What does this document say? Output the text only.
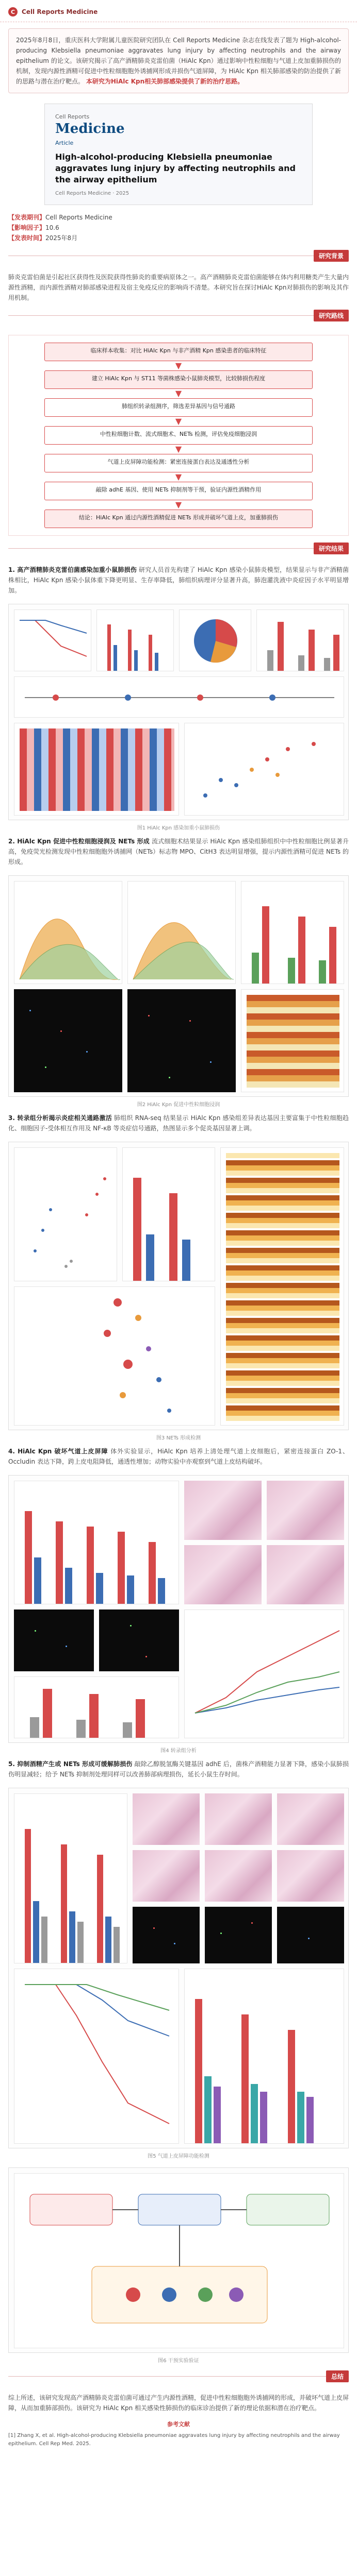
C	Cell Reports Medicine

2025年8月8日，重庆医科大学附属儿童医院研究团队在 Cell Reports Medicine 杂志在线发表了题为 High-alcohol-producing Klebsiella pneumoniae aggravates lung injury by affecting neutrophils and the airway epithelium 的论文。该研究揭示了高产酒精肺炎克雷伯菌（HiAlc Kpn）通过影响中性粒细胞与气道上皮加重肺损伤的机制，发现内源性酒精可促进中性粒细胞胞外诱捕网形成并损伤气道屏障，为 HiAlc Kpn 相关肺部感染的防治提供了新的思路与潜在治疗靶点。 本研究为HiAlc Kpn相关肺部感染提供了新的治疗思路。

Cell Reports
Medicine
Article
High-alcohol-producing Klebsiella pneumoniae aggravates lung injury by affecting neutrophils and the airway epithelium
Cell Reports Medicine · 2025
【发表期刊】Cell Reports Medicine
【影响因子】10.6
【发表时间】2025年8月
研究背景
肺炎克雷伯菌是引起社区获得性及医院获得性肺炎的重要病原体之一。高产酒精肺炎克雷伯菌能够在体内利用糖类产生大量内源性酒精，而内源性酒精对肺部感染进程及宿主免疫反应的影响尚不清楚。本研究旨在探讨HiAlc Kpn对肺损伤的影响及其作用机制。
研究路线
临床样本收集：对比 HiAlc Kpn 与非产酒精 Kpn 感染患者的临床特征
▼
建立 HiAlc Kpn 与 ST11 等菌株感染小鼠肺炎模型，比较肺损伤程度
▼
肺组织转录组测序，筛选差异基因与信号通路
▼
中性粒细胞计数、流式细胞术、NETs 检测，评估免疫细胞浸润
▼
气道上皮屏障功能检测：紧密连接蛋白表达及通透性分析
▼
敲除 adhE 基因、使用 NETs 抑制剂等干预，验证内源性酒精作用
▼
结论：HiAlc Kpn 通过内源性酒精促进 NETs 形成并破坏气道上皮，加重肺损伤
研究结果
1. 高产酒精肺炎克雷伯菌感染加重小鼠肺损伤 研究人员首先构建了 HiAlc Kpn 感染小鼠肺炎模型，结果显示与非产酒精菌株相比，HiAlc Kpn 感染小鼠体重下降更明显、生存率降低，肺组织病理评分显著升高，肺泡灌洗液中炎症因子水平明显增加。
图1 HiAlc Kpn 感染加重小鼠肺损伤
2. HiAlc Kpn 促进中性粒细胞浸润及 NETs 形成 流式细胞术结果显示 HiAlc Kpn 感染组肺组织中中性粒细胞比例显著升高，免疫荧光检测发现中性粒细胞胞外诱捕网（NETs）标志物 MPO、CitH3 表达明显增强，提示内源性酒精可促进 NETs 的形成。
图2 HiAlc Kpn 促进中性粒细胞浸润
3. 转录组分析揭示炎症相关通路激活 肺组织 RNA-seq 结果显示 HiAlc Kpn 感染组差异表达基因主要富集于中性粒细胞趋化、细胞因子-受体相互作用及 NF-κB 等炎症信号通路，热图显示多个促炎基因显著上调。
图3 NETs 形成检测
4. HiAlc Kpn 破坏气道上皮屏障 体外实验显示，HiAlc Kpn 培养上清处理气道上皮细胞后，紧密连接蛋白 ZO-1、Occludin 表达下降，跨上皮电阻降低，通透性增加；动物实验中亦观察到气道上皮结构破坏。
图4 转录组分析
5. 抑制酒精产生或 NETs 形成可缓解肺损伤 敲除乙醇脱氢酶关键基因 adhE 后，菌株产酒精能力显著下降，感染小鼠肺损伤明显减轻；给予 NETs 抑制剂处理同样可以改善肺部病理损伤，延长小鼠生存时间。
图5 气道上皮屏障功能检测
图6 干预实验验证
总结
综上所述，该研究发现高产酒精肺炎克雷伯菌可通过产生内源性酒精，促进中性粒细胞胞外诱捕网的形成，并破坏气道上皮屏障，从而加重肺部损伤。该研究为 HiAlc Kpn 相关感染性肺损伤的临床诊治提供了新的理论依据和潜在治疗靶点。
参考文献
[1] Zhang X, et al. High-alcohol-producing Klebsiella pneumoniae aggravates lung injury by affecting neutrophils and the airway epithelium. Cell Rep Med. 2025.
